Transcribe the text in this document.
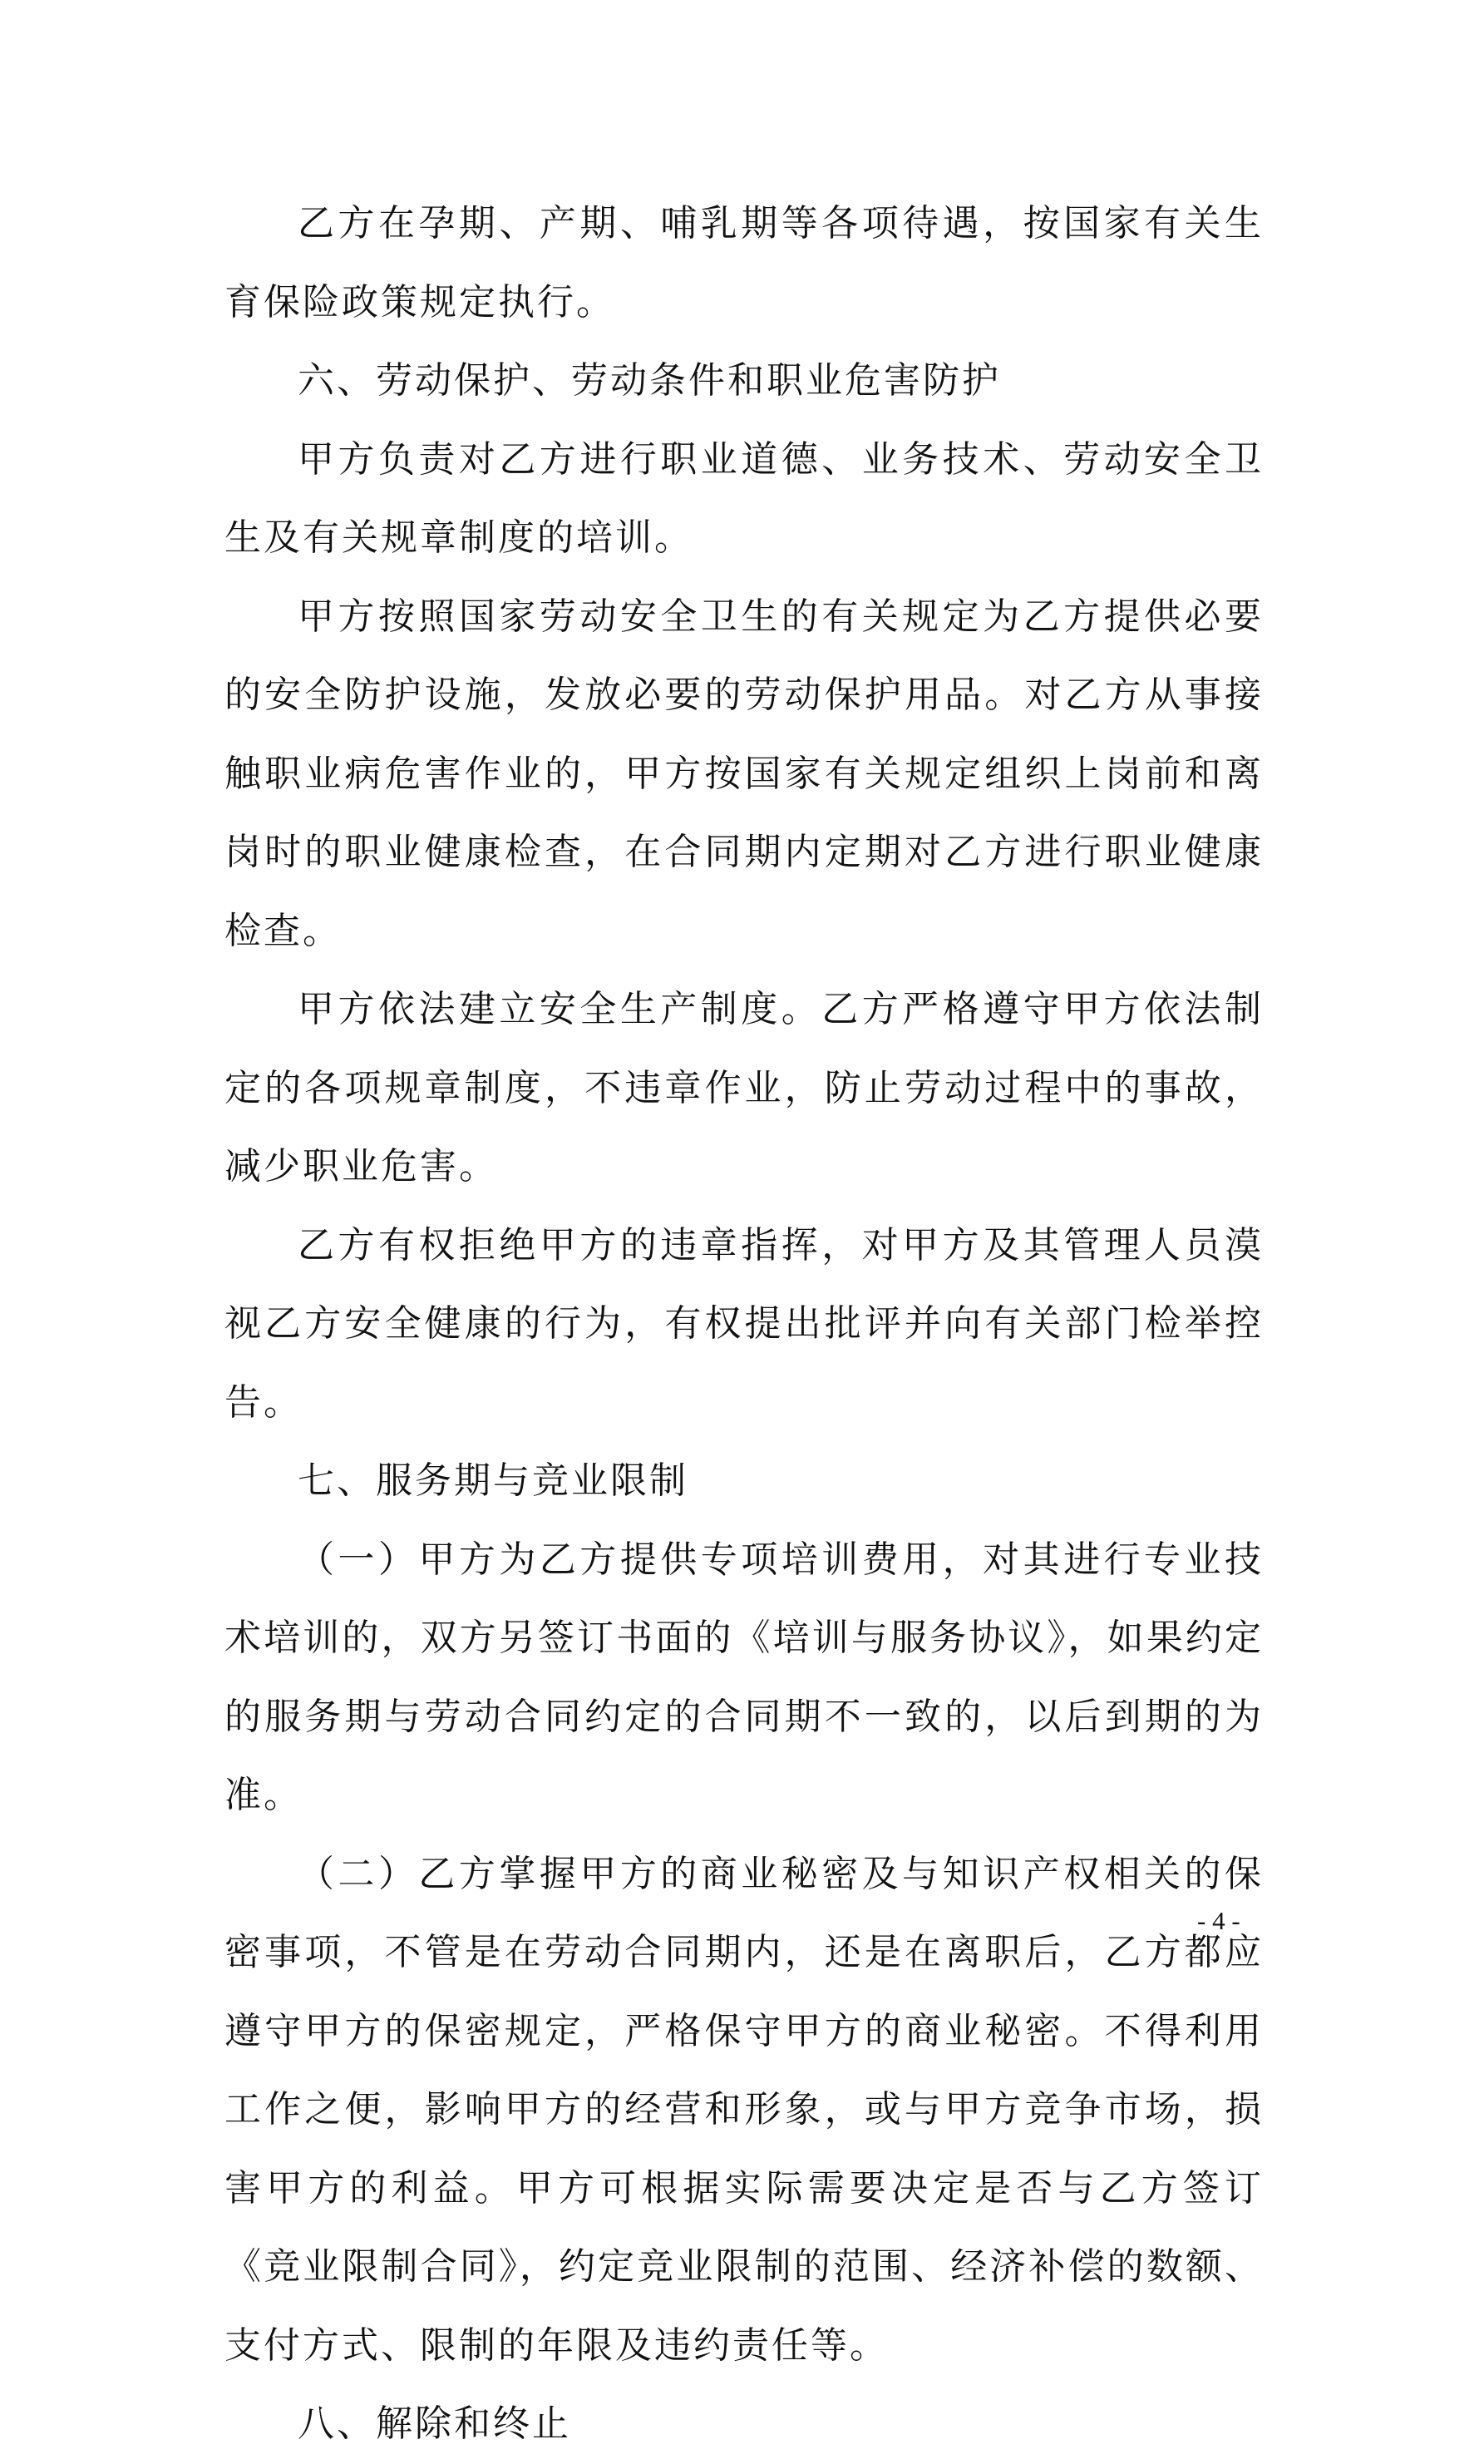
乙方在孕期、产期、哺乳期等各项待遇，按国家有关生育保险政策规定执行。

六、劳动保护、劳动条件和职业危害防护

甲方负责对乙方进行职业道德、业务技术、劳动安全卫生及有关规章制度的培训。

甲方按照国家劳动安全卫生的有关规定为乙方提供必要的安全防护设施，发放必要的劳动保护用品。对乙方从事接触职业病危害作业的，甲方按国家有关规定组织上岗前和离岗时的职业健康检查，在合同期内定期对乙方进行职业健康检查。

甲方依法建立安全生产制度。乙方严格遵守甲方依法制定的各项规章制度，不违章作业，防止劳动过程中的事故，减少职业危害。

乙方有权拒绝甲方的违章指挥，对甲方及其管理人员漠视乙方安全健康的行为，有权提出批评并向有关部门检举控告。

七、服务期与竞业限制

（一）甲方为乙方提供专项培训费用，对其进行专业技术培训的，双方另签订书面的《培训与服务协议》，如果约定的服务期与劳动合同约定的合同期不一致的，以后到期的为准。

（二）乙方掌握甲方的商业秘密及与知识产权相关的保密事项，不管是在劳动合同期内，还是在离职后，乙方都应遵守甲方的保密规定，严格保守甲方的商业秘密。不得利用工作之便，影响甲方的经营和形象，或与甲方竞争市场，损害甲方的利益。甲方可根据实际需要决定是否与乙方签订《竞业限制合同》，约定竞业限制的范围、经济补偿的数额、支付方式、限制的年限及违约责任等。

八、解除和终止

- 4 -
